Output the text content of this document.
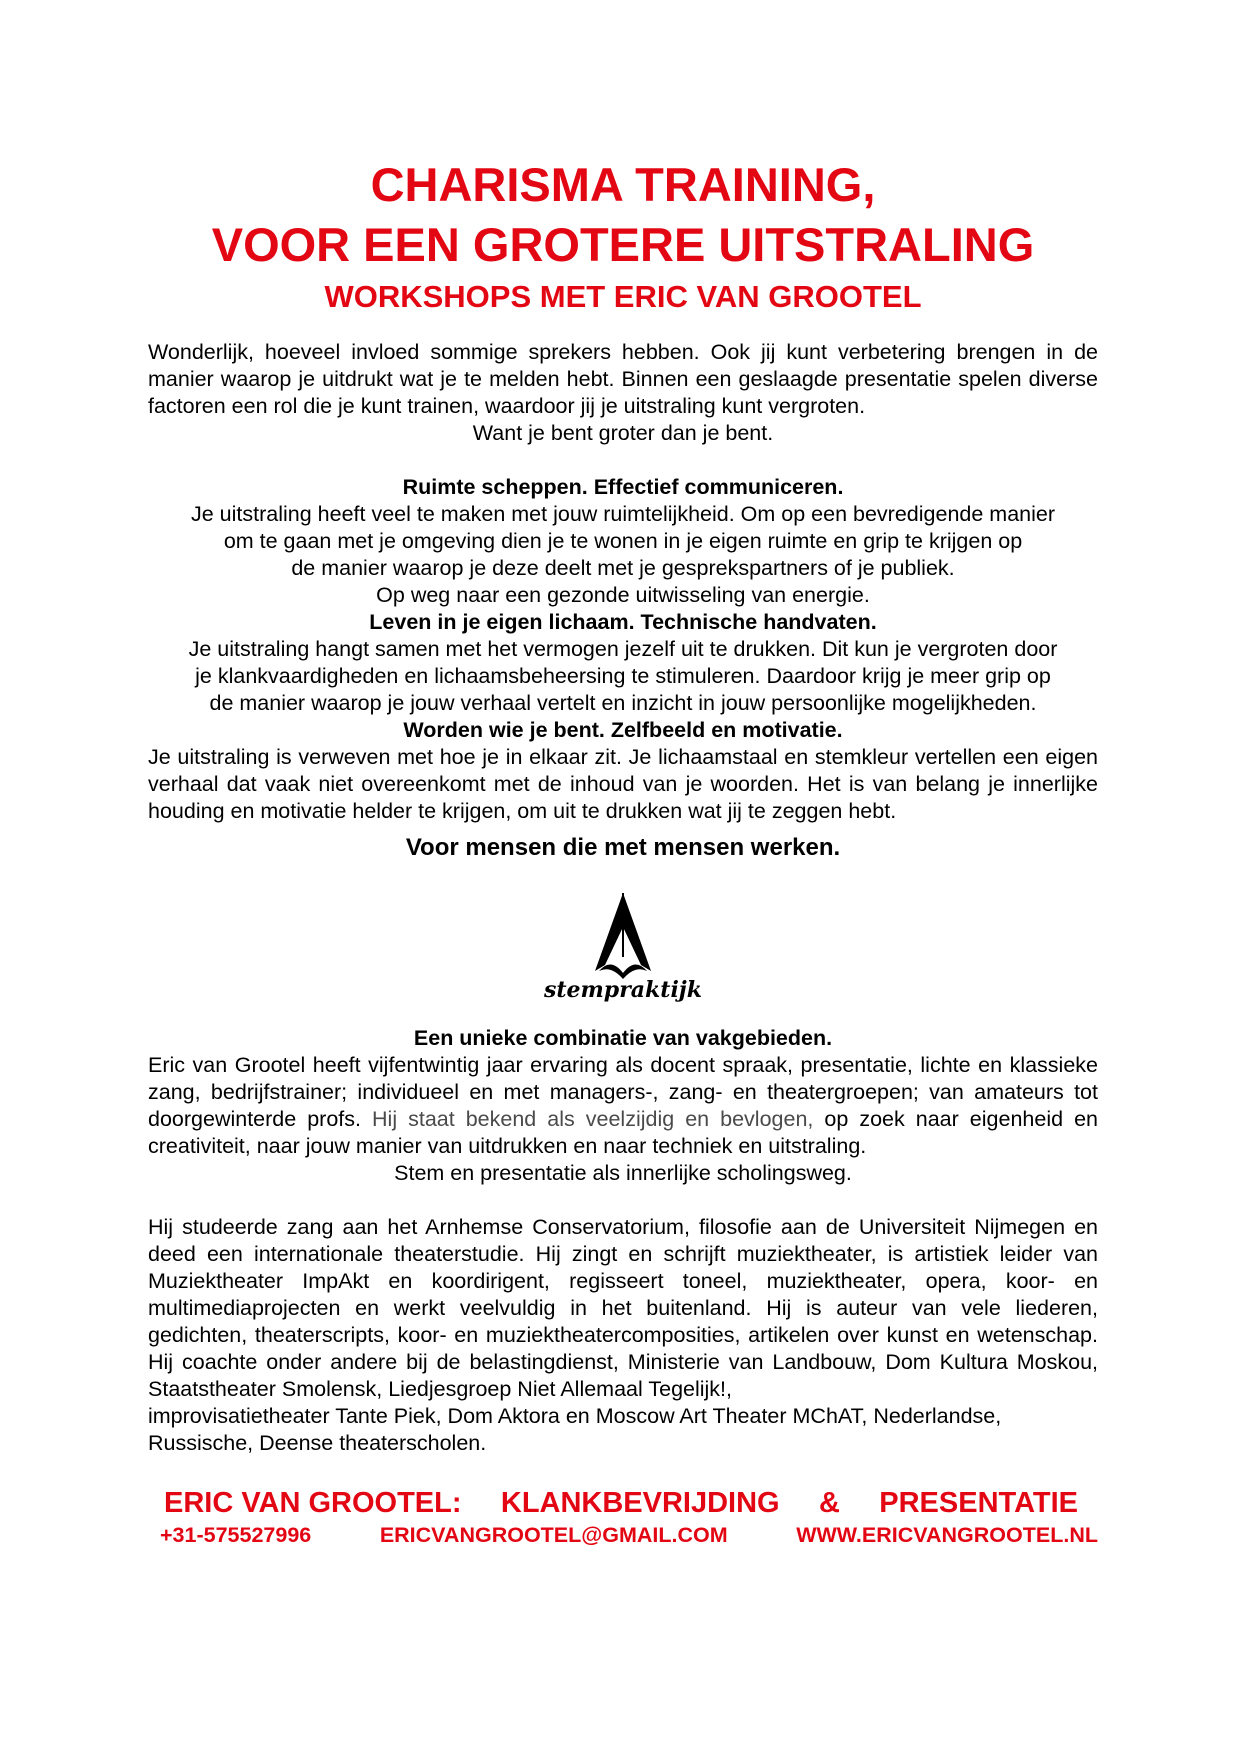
CHARISMA TRAINING,
VOOR EEN GROTERE UITSTRALING
WORKSHOPS MET ERIC VAN GROOTEL

Wonderlijk, hoeveel invloed sommige sprekers hebben. Ook jij kunt verbetering brengen in de manier waarop je uitdrukt wat je te melden hebt. Binnen een geslaagde presentatie spelen diverse factoren een rol die je kunt trainen, waardoor jij je uitstraling kunt vergroten.

Want je bent groter dan je bent.

Ruimte scheppen. Effectief communiceren.

Je uitstraling heeft veel te maken met jouw ruimtelijkheid. Om op een bevredigende manier

om te gaan met je omgeving dien je te wonen in je eigen ruimte en grip te krijgen op

de manier waarop je deze deelt met je gesprekspartners of je publiek.

Op weg naar een gezonde uitwisseling van energie.

Leven in je eigen lichaam. Technische handvaten.

Je uitstraling hangt samen met het vermogen jezelf uit te drukken. Dit kun je vergroten door

je klankvaardigheden en lichaamsbeheersing te stimuleren. Daardoor krijg je meer grip op

de manier waarop je jouw verhaal vertelt en inzicht in jouw persoonlijke mogelijkheden.

Worden wie je bent. Zelfbeeld en motivatie.

Je uitstraling is verweven met hoe je in elkaar zit. Je lichaamstaal en stemkleur vertellen een eigen verhaal dat vaak niet overeenkomt met de inhoud van je woorden. Het is van belang je innerlijke houding en motivatie helder te krijgen, om uit te drukken wat jij te zeggen hebt.

Voor mensen die met mensen werken.

stempraktijk

Een unieke combinatie van vakgebieden.

Eric van Grootel heeft vijfentwintig jaar ervaring als docent spraak, presentatie, lichte en klassieke zang, bedrijfstrainer; individueel en met managers-, zang- en theatergroepen; van amateurs tot doorgewinterde profs. Hij staat bekend als veelzijdig en bevlogen, op zoek naar eigenheid en creativiteit, naar jouw manier van uitdrukken en naar techniek en uitstraling.

Stem en presentatie als innerlijke scholingsweg.

Hij studeerde zang aan het Arnhemse Conservatorium, filosofie aan de Universiteit Nijmegen en deed een internationale theaterstudie. Hij zingt en schrijft muziektheater, is artistiek leider van Muziektheater ImpAkt en koordirigent, regisseert toneel, muziektheater, opera, koor- en multimediaprojecten en werkt veelvuldig in het buitenland. Hij is auteur van vele liederen, gedichten, theaterscripts, koor- en muziektheatercomposities, artikelen over kunst en wetenschap. Hij coachte onder andere bij de belastingdienst, Ministerie van Landbouw, Dom Kultura Moskou, Staatstheater Smolensk, Liedjesgroep Niet Allemaal Tegelijk!,

improvisatietheater Tante Piek, Dom Aktora en Moscow Art Theater MChAT, Nederlandse,

Russische, Deense theaterscholen.

ERIC VAN GROOTEL: KLANKBEVRIJDING & PRESENTATIE
+31-575527996	ERICVANGROOTEL@GMAIL.COM	WWW.ERICVANGROOTEL.NL
